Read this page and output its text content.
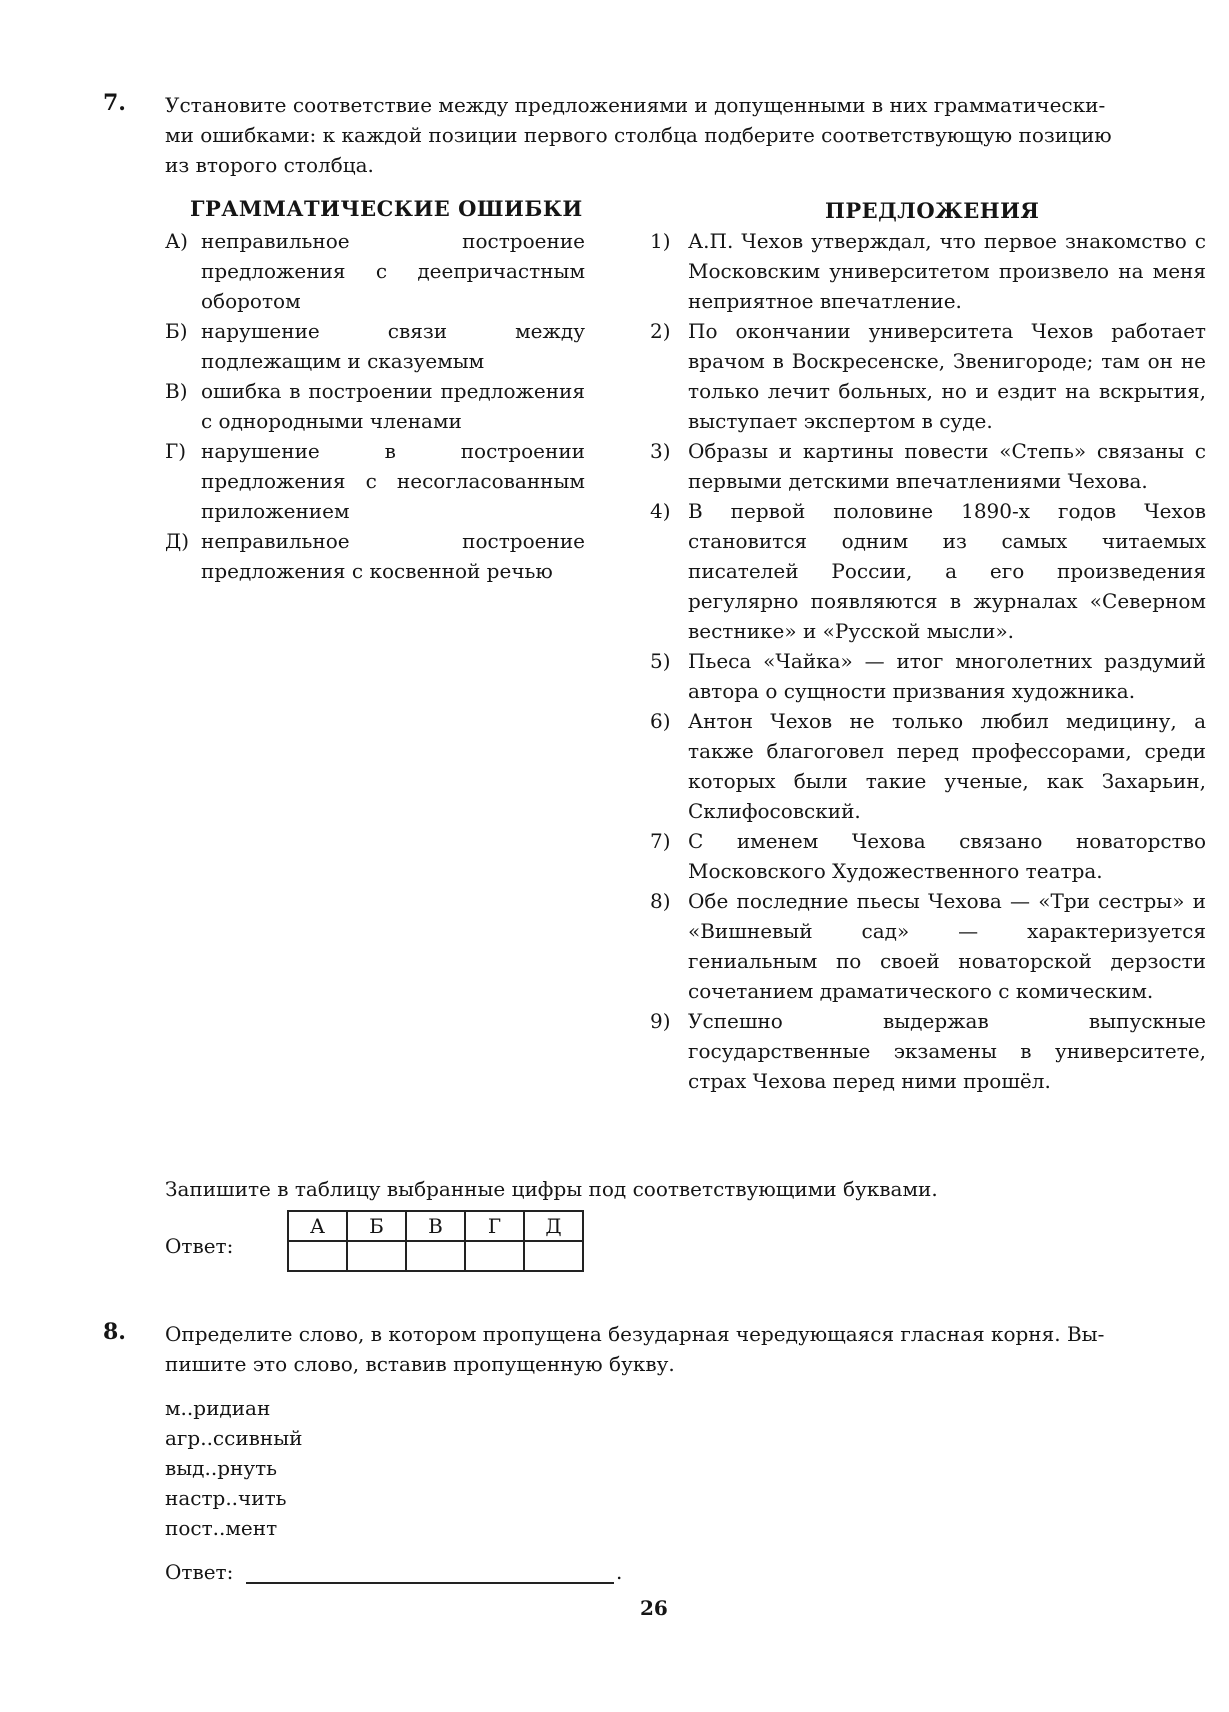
7. Установите соответствие между предложениями и допущенными в них грамматически-
ми ошибками: к каждой позиции первого столбца подберите соответствующую позицию
из второго столбца.
ГРАММАТИЧЕСКИЕ ОШИБКИ	ПРЕДЛОЖЕНИЯ
А) неправильное построение предложения с деепричастным оборотом
Б) нарушение связи между подлежащим и сказуемым
В) ошибка в построении предложения с однородными членами
Г) нарушение в построении предложения с несогласованным приложением
Д) неправильное построение предложения с косвенной речью
1) А.П. Чехов утверждал, что первое знакомство с Московским университетом произвело на меня неприятное впечатление.
2) По окончании университета Чехов работает врачом в Воскресенске, Звенигороде; там он не только лечит больных, но и ездит на вскрытия, выступает экспертом в суде.
3) Образы и картины повести «Степь» связаны с первыми детскими впечатлениями Чехова.
4) В первой половине 1890-х годов Чехов становится одним из самых читаемых писателей России, а его произведения регулярно появляются в журналах «Северном вестнике» и «Русской мысли».
5) Пьеса «Чайка» — итог многолетних раздумий автора о сущности призвания художника.
6) Антон Чехов не только любил медицину, а также благоговел перед профессорами, среди которых были такие ученые, как Захарьин, Склифосовский.
7) С именем Чехова связано новаторство Московского Художественного театра.
8) Обе последние пьесы Чехова — «Три сестры» и «Вишневый сад» — характеризуется гениальным по своей новаторской дерзости сочетанием драматического с комическим.
9) Успешно выдержав выпускные государственные экзамены в университете, страх Чехова перед ними прошёл.
Запишите в таблицу выбранные цифры под соответствующими буквами.
Ответ:
А	Б	В	Г	Д

8. Определите слово, в котором пропущена безударная чередующаяся гласная корня. Вы-
пишите это слово, вставив пропущенную букву.
м..ридиан
агр..ссивный
выд..рнуть
настр..чить
пост..мент
Ответ:	.
26
